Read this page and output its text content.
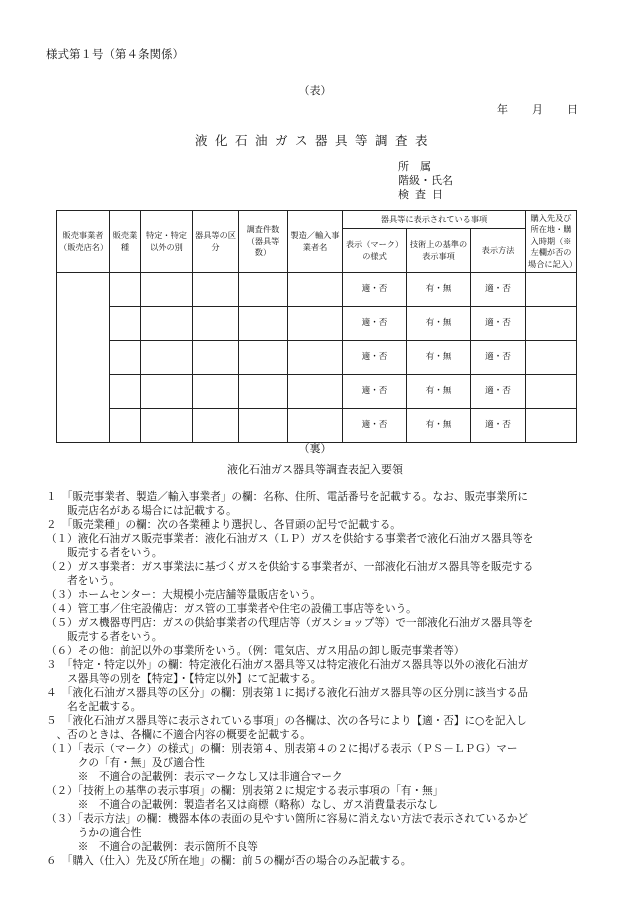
様式第１号（第４条関係）
（表）
年 月 日
液化石油ガス器具等調査表
所属
階級・氏名
検査日
販売事業者（販売店名）	販売業種	特定・特定以外の別	器具等の区分	調査件数（器具等数）	製造／輸入事業者名	器具等に表示されている事項			購入先及び所在地・購入時期（※左欄が否の場合に記入）
						表示（マーク）の様式	技術上の基準の表示事項	表示方法	
						適・否	有・無	適・否	
						適・否	有・無	適・否	
						適・否	有・無	適・否	
						適・否	有・無	適・否	
						適・否	有・無	適・否	
（裏）
液化石油ガス器具等調査表記入要領
１　「販売事業者、製造／輸入事業者」の欄：名称、住所、電話番号を記載する。なお、販売事業所に
　　販売店名がある場合には記載する。
２　「販売業種」の欄：次の各業種より選択し、各冒頭の記号で記載する。
（１）液化石油ガス販売事業者：液化石油ガス（ＬＰ）ガスを供給する事業者で液化石油ガス器具等を
　　販売する者をいう。
（２）ガス事業者：ガス事業法に基づくガスを供給する事業者が、一部液化石油ガス器具等を販売する
　　者をいう。
（３）ホームセンター：大規模小売店舗等量販店をいう。
（４）管工事／住宅設備店：ガス管の工事業者や住宅の設備工事店等をいう。
（５）ガス機器専門店：ガスの供給事業者の代理店等（ガスショップ等）で一部液化石油ガス器具等を
　　販売する者をいう。
（６）その他：前記以外の事業所をいう。（例：電気店、ガス用品の卸し販売事業者等）
３　「特定・特定以外」の欄：特定液化石油ガス器具等又は特定液化石油ガス器具等以外の液化石油ガ
　　ス器具等の別を【特定】・【特定以外】にて記載する。
４　「液化石油ガス器具等の区分」の欄：別表第１に掲げる液化石油ガス器具等の区分別に該当する品
　　名を記載する。
５　「液化石油ガス器具等に表示されている事項」の各欄は、次の各号により【適・否】に○を記入し
　、否のときは、各欄に不適合内容の概要を記載する。
（１）「表示（マーク）の様式」の欄：別表第４、別表第４の２に掲げる表示（ＰＳ－ＬＰＧ）マー
　　　クの「有・無」及び適合性
　　　※　不適合の記載例：表示マークなし又は非適合マーク
（２）「技術上の基準の表示事項」の欄：別表第２に規定する表示事項の「有・無」
　　　※　不適合の記載例：製造者名又は商標（略称）なし、ガス消費量表示なし
（３）「表示方法」の欄：機器本体の表面の見やすい箇所に容易に消えない方法で表示されているかど
　　　うかの適合性
　　　※　不適合の記載例：表示箇所不良等
６　「購入（仕入）先及び所在地」の欄：前５の欄が否の場合のみ記載する。
